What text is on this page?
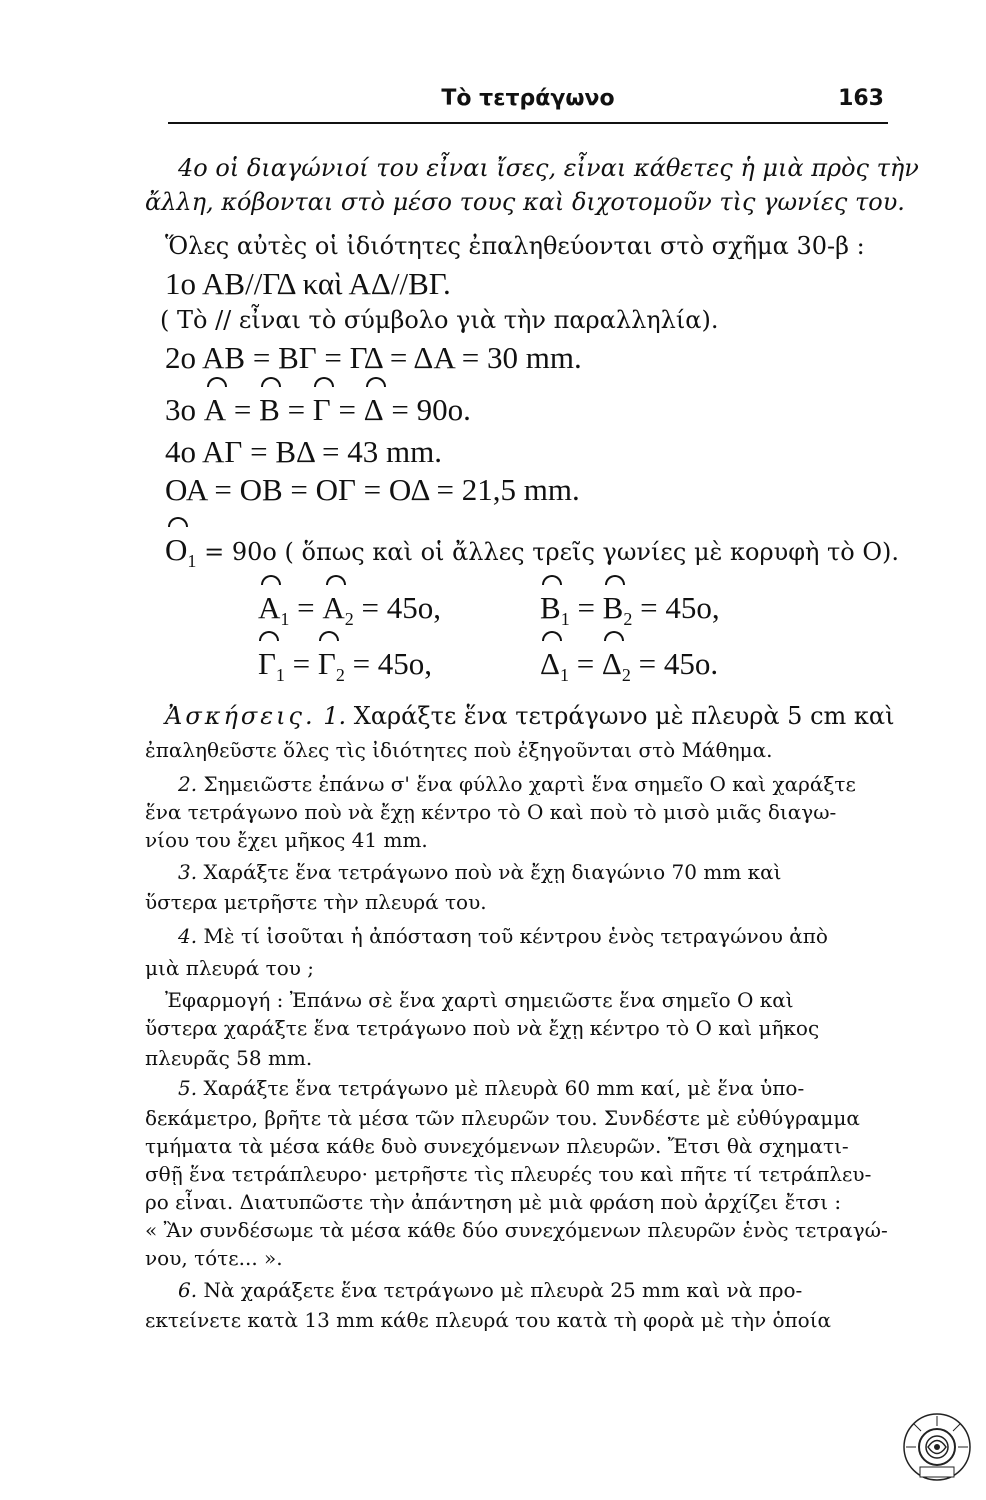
Τὸ τετράγωνο	163
4ο οἱ διαγώνιοί του εἶναι ἴσες, εἶναι κάθετες ἡ μιὰ πρὸς τὴν
ἄλλη, κόβονται στὸ μέσο τους καὶ διχοτομοῦν τὶς γωνίες του.
Ὅλες αὐτὲς οἱ ἰδιότητες ἐπαληθεύονται στὸ σχῆμα 30-β :
1ο ΑΒ//ΓΔ καὶ ΑΔ//ΒΓ.
( Τὸ // εἶναι τὸ σύμβολο γιὰ τὴν παραλληλία).
2ο ΑΒ = ΒΓ = ΓΔ = ΔΑ = 30 mm.
3ο Α = Β = Γ = Δ = 90ο.
4ο ΑΓ = ΒΔ = 43 mm.
ΟΑ = ΟΒ = ΟΓ = ΟΔ = 21,5 mm.
$O_1 = 90o$ ( ὅπως καὶ οἱ ἄλλες τρεῖς γωνίες μὲ κορυφὴ τὸ Ο).
$A_1 = A_2 = 45o$,	$B_1 = B_2 = 45o$,
$\Gamma_1 = \Gamma_2 = 45o$,	$\Delta_1 = \Delta_2 = 45o$.
Ἀσκήσεις. 1. Χαράξτε ἕνα τετράγωνο μὲ πλευρὰ 5 cm καὶ
ἐπαληθεῦστε ὅλες τὶς ἰδιότητες ποὺ ἐξηγοῦνται στὸ Μάθημα.
2. Σημειῶστε ἐπάνω σ' ἕνα φύλλο χαρτὶ ἕνα σημεῖο Ο καὶ χαράξτε
ἕνα τετράγωνο ποὺ νὰ ἔχῃ κέντρο τὸ Ο καὶ ποὺ τὸ μισὸ μιᾶς διαγω-
νίου του ἔχει μῆκος 41 mm.
3. Χαράξτε ἕνα τετράγωνο ποὺ νὰ ἔχῃ διαγώνιο 70 mm καὶ
ὕστερα μετρῆστε τὴν πλευρά του.
4. Μὲ τί ἰσοῦται ἡ ἀπόσταση τοῦ κέντρου ἑνὸς τετραγώνου ἀπὸ
μιὰ πλευρά του ;
Ἐφαρμογή : Ἐπάνω σὲ ἕνα χαρτὶ σημειῶστε ἕνα σημεῖο Ο καὶ
ὕστερα χαράξτε ἕνα τετράγωνο ποὺ νὰ ἔχῃ κέντρο τὸ Ο καὶ μῆκος
πλευρᾶς 58 mm.
5. Χαράξτε ἕνα τετράγωνο μὲ πλευρὰ 60 mm καί, μὲ ἕνα ὑπο-
δεκάμετρο, βρῆτε τὰ μέσα τῶν πλευρῶν του. Συνδέστε μὲ εὐθύγραμμα
τμήματα τὰ μέσα κάθε δυὸ συνεχόμενων πλευρῶν. Ἔτσι θὰ σχηματι-
σθῇ ἕνα τετράπλευρο· μετρῆστε τὶς πλευρές του καὶ πῆτε τί τετράπλευ-
ρο εἶναι. Διατυπῶστε τὴν ἀπάντηση μὲ μιὰ φράση ποὺ ἀρχίζει ἔτσι :
« Ἂν συνδέσωμε τὰ μέσα κάθε δύο συνεχόμενων πλευρῶν ἑνὸς τετραγώ-
νου, τότε... ».
6. Νὰ χαράξετε ἕνα τετράγωνο μὲ πλευρὰ 25 mm καὶ νὰ προ-
εκτείνετε κατὰ 13 mm κάθε πλευρά του κατὰ τὴ φορὰ μὲ τὴν ὁποία
